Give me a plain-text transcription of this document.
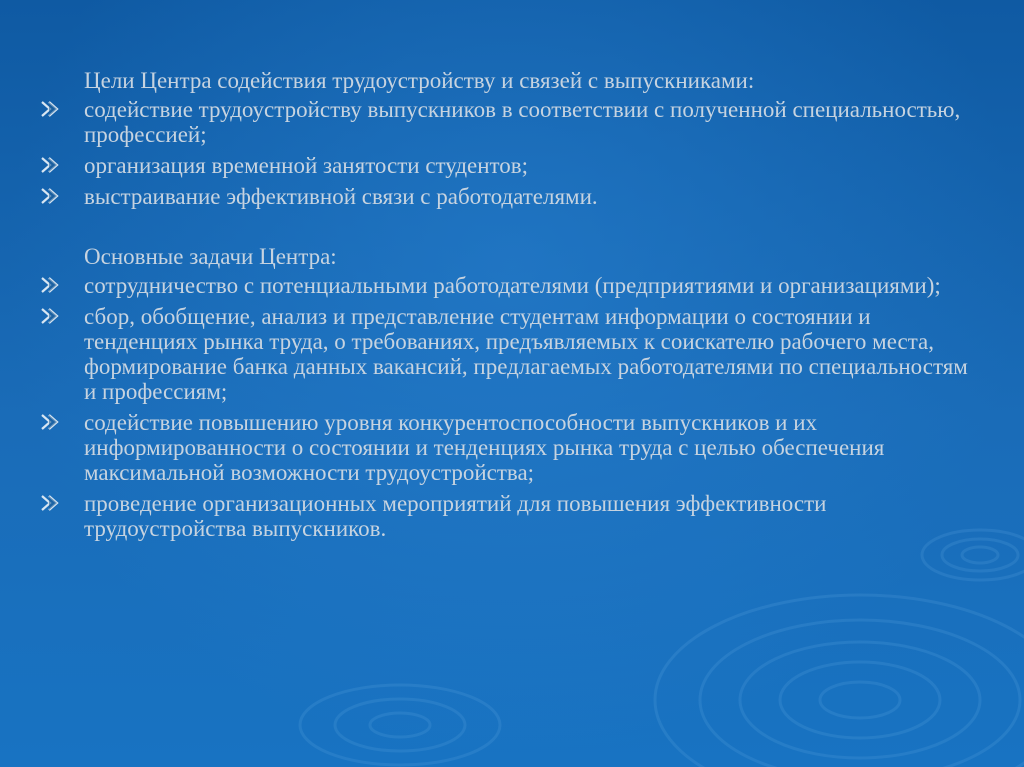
Цели Центра содействия трудоустройству и связей с выпускниками:
содействие трудоустройству выпускников в соответствии с полученной специальностью, профессией;
организация временной занятости студентов;
выстраивание эффективной связи с работодателями.
Основные задачи Центра:
сотрудничество с потенциальными работодателями (предприятиями и организациями);
сбор, обобщение, анализ и представление студентам информации о состоянии и тенденциях рынка труда, о требованиях, предъявляемых к соискателю рабочего места, формирование банка данных вакансий, предлагаемых работодателями по специальностям и профессиям;
содействие повышению уровня конкурентоспособности выпускников и их информированности о состоянии и тенденциях рынка труда с целью обеспечения максимальной возможности трудоустройства;
проведение организационных мероприятий для повышения эффективности трудоустройства выпускников.
